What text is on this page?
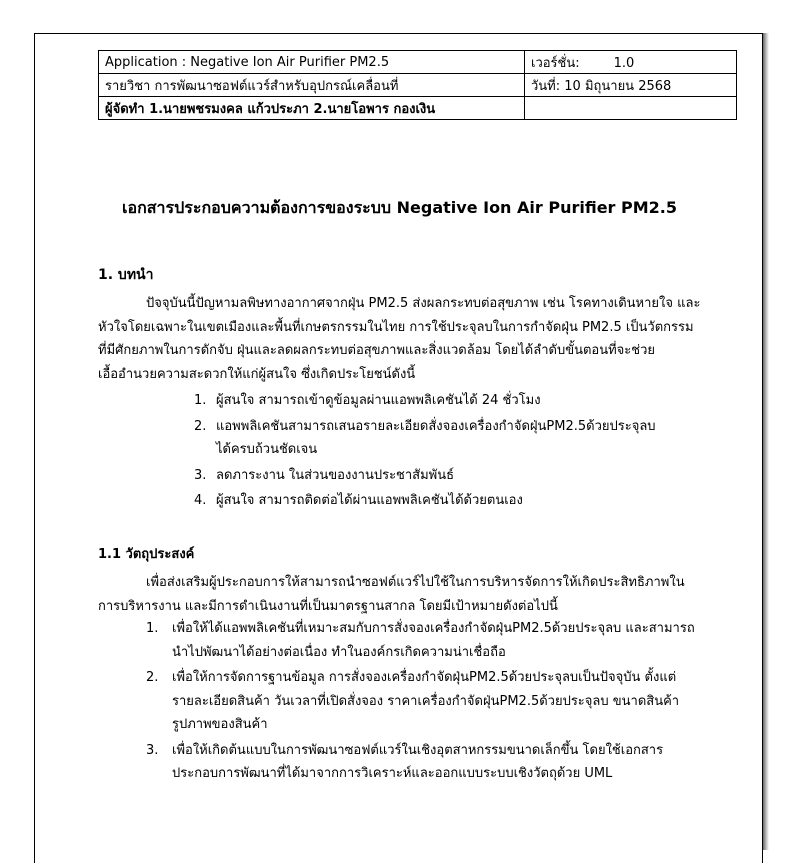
Application : Negative Ion Air Purifier PM2.5	เวอร์ชั่น: 1.0
รายวิชา การพัฒนาซอฟต์แวร์สำหรับอุปกรณ์เคลื่อนที่	วันที่: 10 มิถุนายน 2568
ผู้จัดทำ 1.นายพชรมงคล แก้วประภา 2.นายโอพาร กองเงิน	
เอกสารประกอบความต้องการของระบบ Negative Ion Air Purifier PM2.5
1. บทนำ
ปัจจุบันนี้ปัญหามลพิษทางอากาศจากฝุ่น PM2.5 ส่งผลกระทบต่อสุขภาพ เช่น โรคทางเดินหายใจ และ
หัวใจโดยเฉพาะในเขตเมืองและพื้นที่เกษตรกรรมในไทย การใช้ประจุลบในการกำจัดฝุ่น PM2.5 เป็นวัตกรรม
ที่มีศักยภาพในการดักจับ ฝุ่นและลดผลกระทบต่อสุขภาพและสิ่งแวดล้อม โดยได้ลำดับขั้นตอนที่จะช่วย
เอื้ออำนวยความสะดวกให้แก่ผู้สนใจ ซึ่งเกิดประโยชน์ดังนี้
1. ผู้สนใจ สามารถเข้าดูข้อมูลผ่านแอพพลิเคชันได้ 24 ชั่วโมง
2. แอพพลิเคชันสามารถเสนอรายละเอียดสั่งจองเครื่องกำจัดฝุ่นPM2.5ด้วยประจุลบ
ได้ครบถ้วนชัดเจน
3. ลดภาระงาน ในส่วนของงานประชาสัมพันธ์
4. ผู้สนใจ สามารถติดต่อได้ผ่านแอพพลิเคชันได้ด้วยตนเอง
1.1 วัตถุประสงค์
เพื่อส่งเสริมผู้ประกอบการให้สามารถนำซอฟต์แวร์ไปใช้ในการบริหารจัดการให้เกิดประสิทธิภาพใน
การบริหารงาน และมีการดำเนินงานที่เป็นมาตรฐานสากล โดยมีเป้าหมายดังต่อไปนี้
1.	เพื่อให้ได้แอพพลิเคชันที่เหมาะสมกับการสั่งจองเครื่องกำจัดฝุ่นPM2.5ด้วยประจุลบ และสามารถ
นำไปพัฒนาได้อย่างต่อเนื่อง ทำในองค์กรเกิดความน่าเชื่อถือ
2.	เพื่อให้การจัดการฐานข้อมูล การสั่งจองเครื่องกำจัดฝุ่นPM2.5ด้วยประจุลบเป็นปัจจุบัน ตั้งแต่
รายละเอียดสินค้า วันเวลาที่เปิดสั่งจอง ราคาเครื่องกำจัดฝุ่นPM2.5ด้วยประจุลบ ขนาดสินค้า
รูปภาพของสินค้า
3.	เพื่อให้เกิดต้นแบบในการพัฒนาซอฟต์แวร์ในเชิงอุตสาหกรรมขนาดเล็กขึ้น โดยใช้เอกสาร
ประกอบการพัฒนาที่ได้มาจากการวิเคราะห์และออกแบบระบบเชิงวัตถุด้วย UML
